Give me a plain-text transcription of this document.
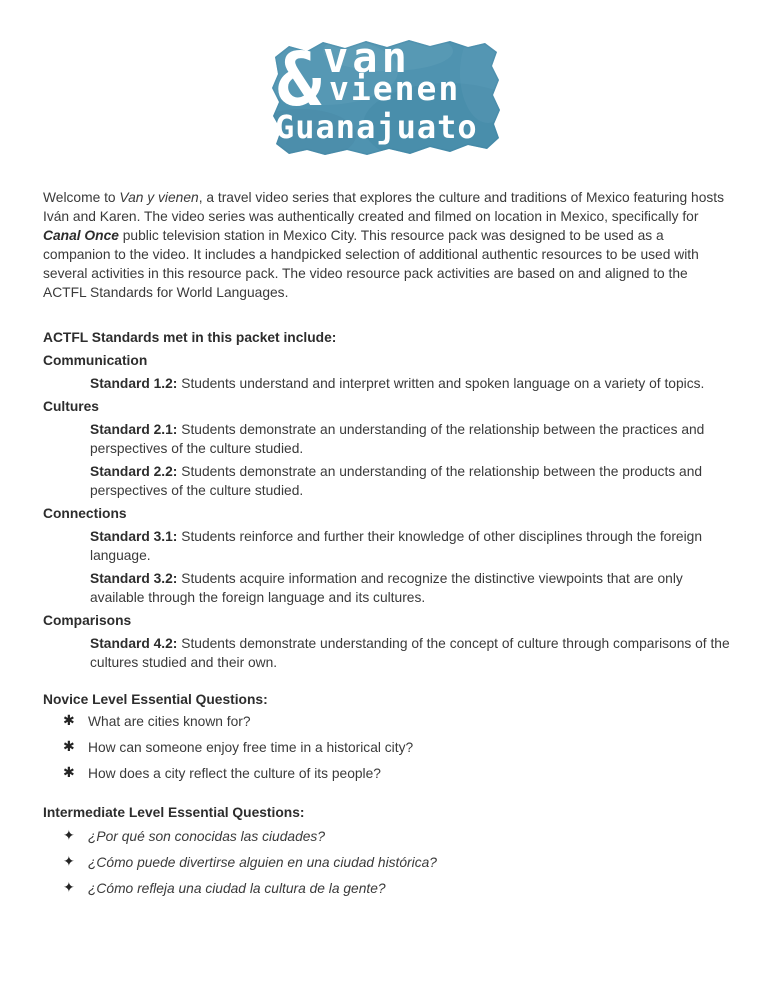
& van
vienen
Guanajuato

Welcome to Van y vienen, a travel video series that explores the culture and traditions of Mexico featuring hosts Iván and Karen. The video series was authentically created and filmed on location in Mexico, specifically for Canal Once public television station in Mexico City. This resource pack was designed to be used as a companion to the video. It includes a handpicked selection of additional authentic resources to be used with several activities in this resource pack. The video resource pack activities are based on and aligned to the ACTFL Standards for World Languages.

ACTFL Standards met in this packet include:
Communication

Standard 1.2: Students understand and interpret written and spoken language on a variety of topics.

Cultures

Standard 2.1: Students demonstrate an understanding of the relationship between the practices and perspectives of the culture studied.

Standard 2.2: Students demonstrate an understanding of the relationship between the products and perspectives of the culture studied.

Connections

Standard 3.1: Students reinforce and further their knowledge of other disciplines through the foreign language.

Standard 3.2: Students acquire information and recognize the distinctive viewpoints that are only available through the foreign language and its cultures.

Comparisons

Standard 4.2: Students demonstrate understanding of the concept of culture through comparisons of the cultures studied and their own.

Novice Level Essential Questions:
✱ What are cities known for?
✱ How can someone enjoy free time in a historical city?
✱ How does a city reflect the culture of its people?
Intermediate Level Essential Questions:
✦ ¿Por qué son conocidas las ciudades?
✦ ¿Cómo puede divertirse alguien en una ciudad histórica?
✦ ¿Cómo refleja una ciudad la cultura de la gente?
